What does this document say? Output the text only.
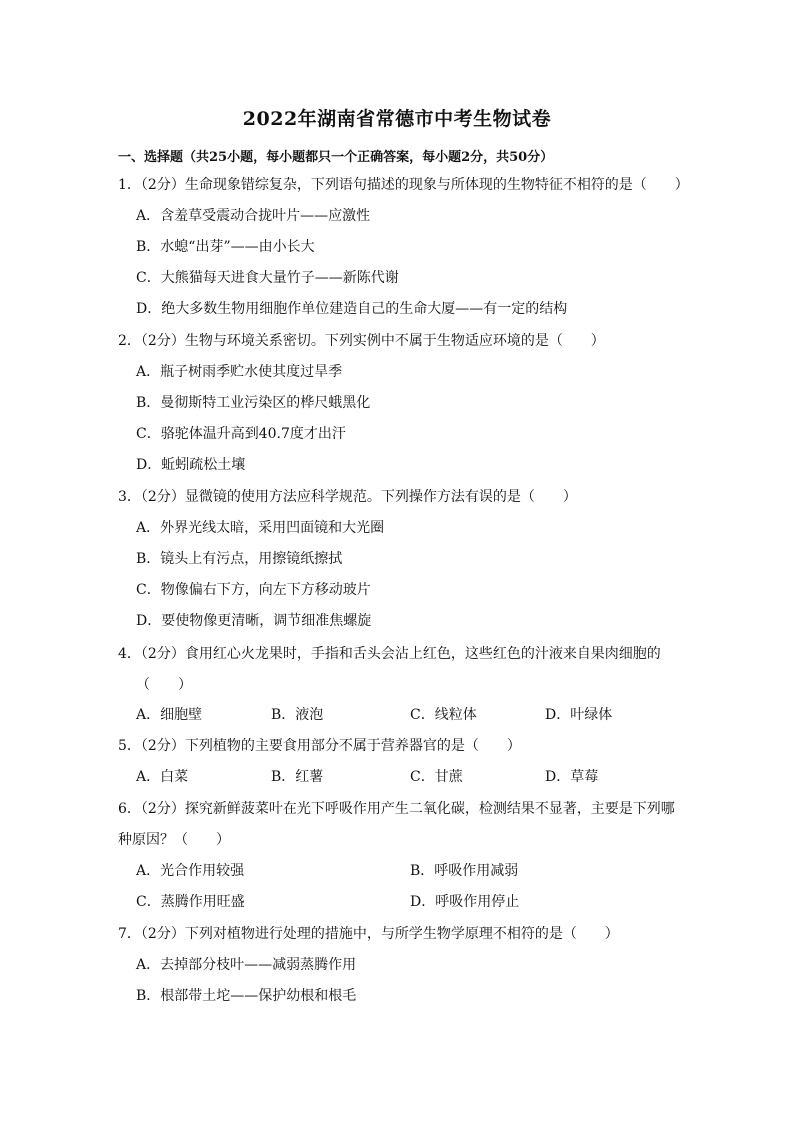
2022年湖南省常德市中考生物试卷
一、选择题（共25小题，每小题都只一个正确答案，每小题2分，共50分）
1．（2分）生命现象错综复杂，下列语句描述的现象与所体现的生物特征不相符的是（　　）
A．含羞草受震动合拢叶片——应激性
B．水螅“出芽”——由小长大
C．大熊猫每天进食大量竹子——新陈代谢
D．绝大多数生物用细胞作单位建造自己的生命大厦——有一定的结构
2．（2分）生物与环境关系密切。下列实例中不属于生物适应环境的是（　　）
A．瓶子树雨季贮水使其度过旱季
B．曼彻斯特工业污染区的桦尺蛾黑化
C．骆驼体温升高到40.7度才出汗
D．蚯蚓疏松土壤
3．（2分）显微镜的使用方法应科学规范。下列操作方法有误的是（　　）
A．外界光线太暗，采用凹面镜和大光圈
B．镜头上有污点，用擦镜纸擦拭
C．物像偏右下方，向左下方移动玻片
D．要使物像更清晰，调节细准焦螺旋
4．（2分）食用红心火龙果时，手指和舌头会沾上红色，这些红色的汁液来自果肉细胞的
（　　）
A．细胞壁	B．液泡	C．线粒体	D．叶绿体
5．（2分）下列植物的主要食用部分不属于营养器官的是（　　）
A．白菜	B．红薯	C．甘蔗	D．草莓
6．（2分）探究新鲜菠菜叶在光下呼吸作用产生二氧化碳，检测结果不显著，主要是下列哪
种原因？（　　）
A．光合作用较强	B．呼吸作用减弱
C．蒸腾作用旺盛	D．呼吸作用停止
7．（2分）下列对植物进行处理的措施中，与所学生物学原理不相符的是（　　）
A．去掉部分枝叶——减弱蒸腾作用
B．根部带土坨——保护幼根和根毛
